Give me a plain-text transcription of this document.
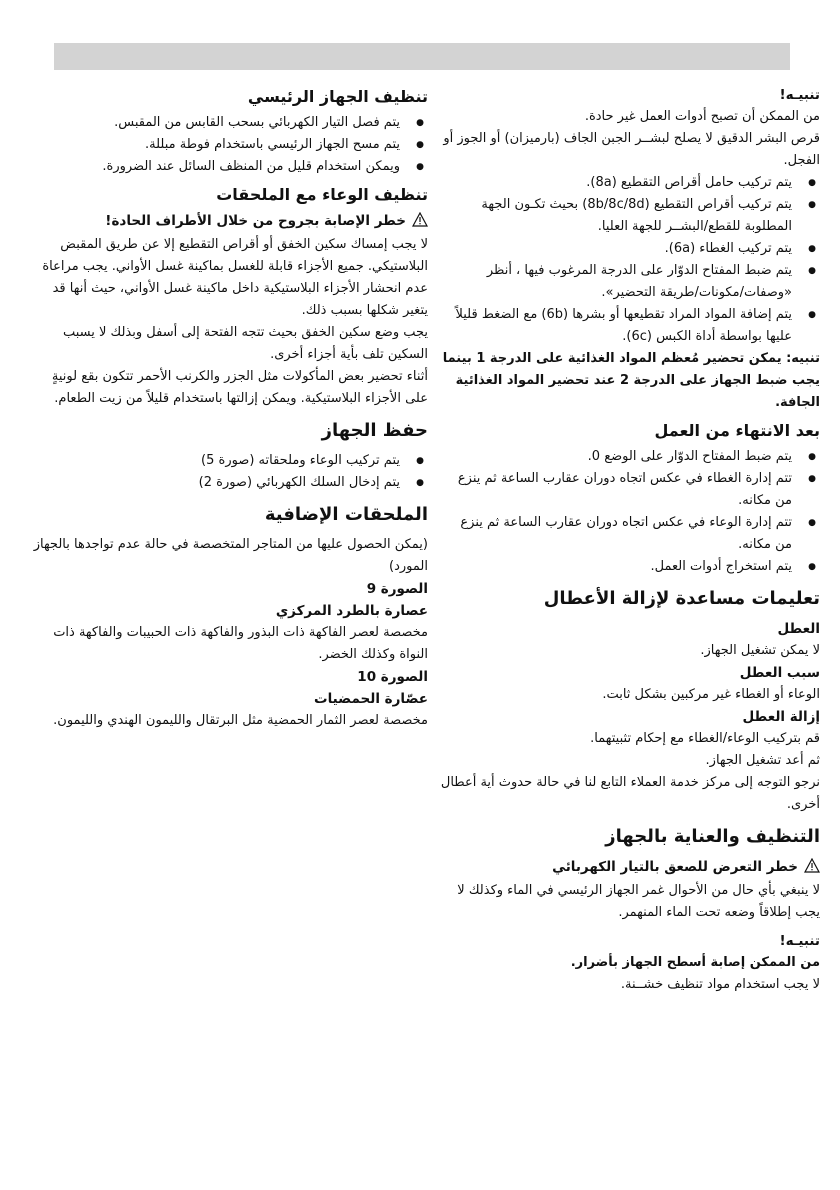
تنبيـه!

من الممكن أن تصبح أدوات العمل غير حادة.

قرص البشر الدقيق لا يصلح لبشــر الجبن الجاف (بارميزان) أو الجوز أو الفجل.

● يتم تركيب حامل أقراص التقطيع (8a).
● يتم تركيب أقراص التقطيع (8b/8c/8d) بحيث تكـون الجهة المطلوبة للقطع/البشــر للجهة العليا.
● يتم تركيب الغطاء (6a).
● يتم ضبط المفتاح الدوّار على الدرجة المرغوب فيها ، أنظر «وصفات/مكونات/طريقة التحضير».
● يتم إضافة المواد المراد تقطيعها أو بشرها (6b) مع الضغط قليلاً عليها بواسطة أداة الكبس (6c).

تنبيه: يمكن تحضير مُعظم المواد الغذائية على الدرجة 1 بينما يجب ضبط الجهاز على الدرجة 2 عند تحضير المواد الغذائية الجافة.

بعد الانتهاء من العمل
● يتم ضبط المفتاح الدوّار على الوضع 0.
● تتم إدارة الغطاء في عكس اتجاه دوران عقارب الساعة ثم ينزع من مكانه.
● تتم إدارة الوعاء في عكس اتجاه دوران عقارب الساعة ثم ينزع من مكانه.
● يتم استخراج أدوات العمل.
تعليمات مساعدة لإزالة الأعطال
العطل

لا يمكن تشغيل الجهاز.

سبب العطل

الوعاء أو الغطاء غير مركبين بشكل ثابت.

إزالة العطل

قم بتركيب الوعاء/الغطاء مع إحكام تثبيتهما.

ثم أعد تشغيل الجهاز.

نرجو التوجه إلى مركز خدمة العملاء التابع لنا في حالة حدوث أية أعطال أخرى.

التنظيف والعناية بالجهاز
خطر التعرض للصعق بالتيار الكهربائي

لا ينبغي بأي حال من الأحوال غمر الجهاز الرئيسي في الماء وكذلك لا يجب إطلاقاً وضعه تحت الماء المنهمر.

تنبيـه!

من الممكن إصابة أسطح الجهاز بأضرار.

لا يجب استخدام مواد تنظيف خشــنة.

تنظيف الجهاز الرئيسي
● يتم فصل التيار الكهربائي بسحب القابس من المقبس.
● يتم مسح الجهاز الرئيسي باستخدام فوطة مبللة.
● ويمكن استخدام قليل من المنظف السائل عند الضرورة.
تنظيف الوعاء مع الملحقات
خطر الإصابة بجروح من خلال الأطراف الحادة!

لا يجب إمساك سكين الخفق أو أقراص التقطيع إلا عن طريق المقبض البلاستيكي. جميع الأجزاء قابلة للغسل بماكينة غسل الأواني. يجب مراعاة عدم انحشار الأجزاء البلاستيكية داخل ماكينة غسل الأواني، حيث أنها قد يتغير شكلها بسبب ذلك.

يجب وضع سكين الخفق بحيث تتجه الفتحة إلى أسفل وبذلك لا يسبب السكين تلف بأية أجزاء أخرى.

أثناء تحضير بعض المأكولات مثل الجزر والكرنب الأحمر تتكون بقع لونيةٍ على الأجزاء البلاستيكية. ويمكن إزالتها باستخدام قليلاً من زيت الطعام.

حفظ الجهاز
● يتم تركيب الوعاء وملحقاته (صورة 5)
● يتم إدخال السلك الكهربائي (صورة 2)
الملحقات الإضافية

(يمكن الحصول عليها من المتاجر المتخصصة في حالة عدم تواجدها بالجهاز المورد)

الصورة 9
عصارة بالطرد المركزي

مخصصة لعصر الفاكهة ذات البذور والفاكهة ذات الحبيبات والفاكهة ذات النواة وكذلك الخضر.

الصورة 10
عصّارة الحمضيات

مخصصة لعصر الثمار الحمضية مثل البرتقال والليمون الهندي والليمون.
